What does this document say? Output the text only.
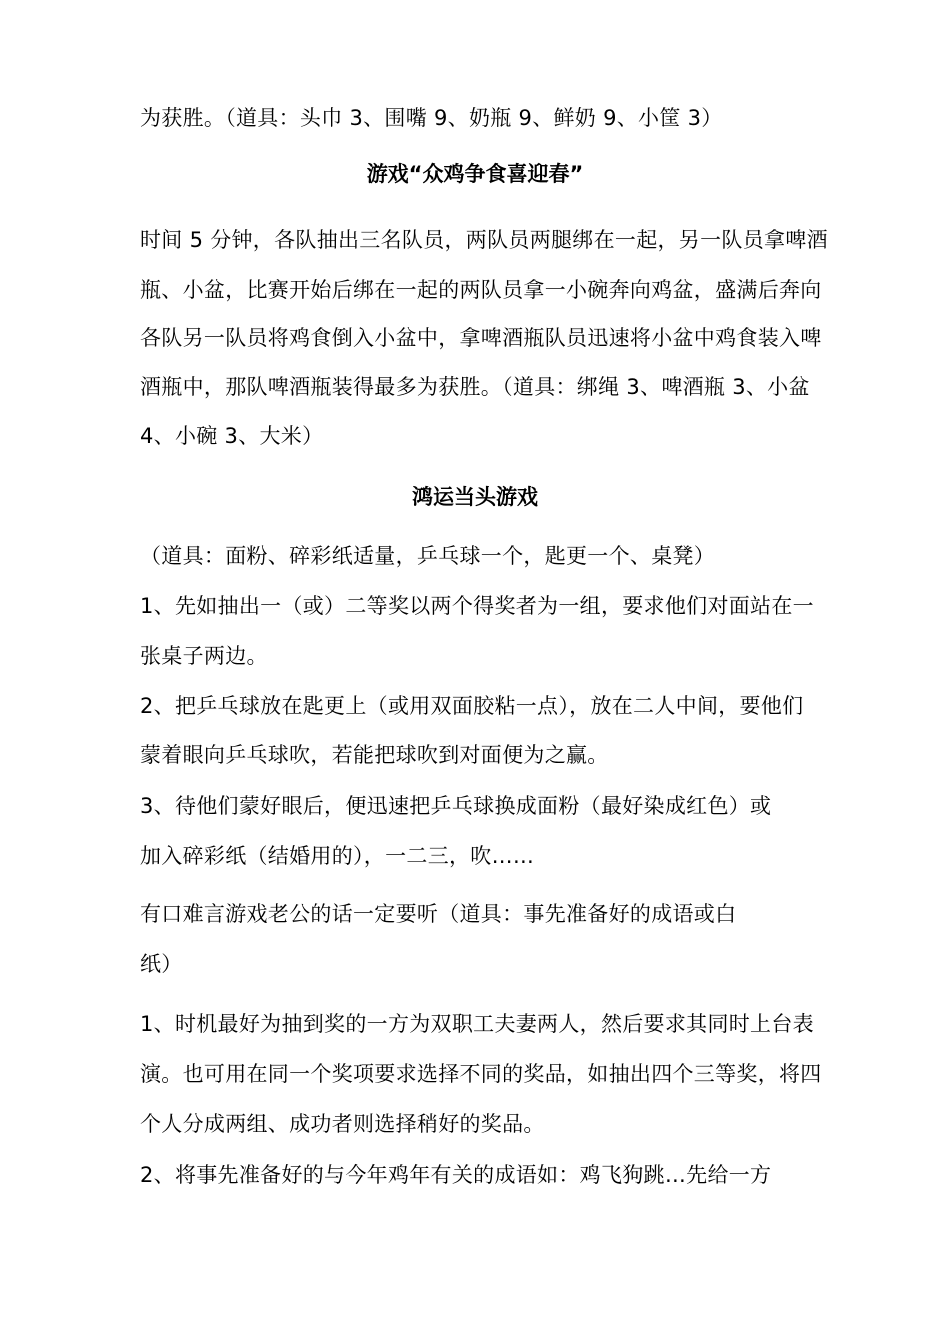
为获胜。（道具：头巾 3、围嘴 9、奶瓶 9、鲜奶 9、小筐 3）
游戏“众鸡争食喜迎春”
时间 5 分钟，各队抽出三名队员，两队员两腿绑在一起，另一队员拿啤酒
瓶、小盆，比赛开始后绑在一起的两队员拿一小碗奔向鸡盆，盛满后奔向
各队另一队员将鸡食倒入小盆中，拿啤酒瓶队员迅速将小盆中鸡食装入啤
酒瓶中，那队啤酒瓶装得最多为获胜。（道具：绑绳 3、啤酒瓶 3、小盆
4、小碗 3、大米）
鸿运当头游戏
（道具：面粉、碎彩纸适量，乒乓球一个，匙更一个、桌凳）
1、先如抽出一（或）二等奖以两个得奖者为一组，要求他们对面站在一
张桌子两边。
2、把乒乓球放在匙更上（或用双面胶粘一点），放在二人中间，要他们
蒙着眼向乒乓球吹，若能把球吹到对面便为之赢。
3、待他们蒙好眼后，便迅速把乒乓球换成面粉（最好染成红色）或
加入碎彩纸（结婚用的），一二三，吹……
有口难言游戏老公的话一定要听（道具：事先准备好的成语或白
纸）
1、时机最好为抽到奖的一方为双职工夫妻两人，然后要求其同时上台表
演。也可用在同一个奖项要求选择不同的奖品，如抽出四个三等奖，将四
个人分成两组、成功者则选择稍好的奖品。
2、将事先准备好的与今年鸡年有关的成语如：鸡飞狗跳…先给一方
